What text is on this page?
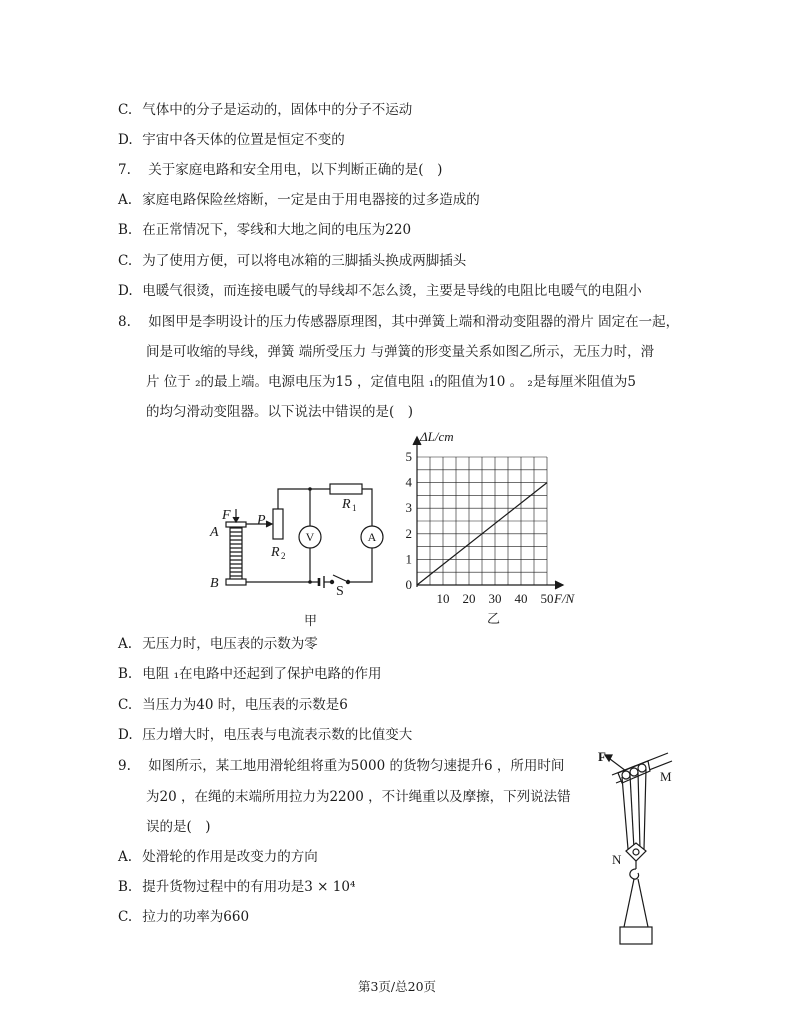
C. 气体中的分子是运动的，固体中的分子不运动
D. 宇宙中各天体的位置是恒定不变的
7. 关于家庭电路和安全用电，以下判断正确的是(　)
A. 家庭电路保险丝熔断，一定是由于用电器接的过多造成的
B. 在正常情况下，零线和大地之间的电压为220
C. 为了使用方便，可以将电冰箱的三脚插头换成两脚插头
D. 电暖气很烫，而连接电暖气的导线却不怎么烫，主要是导线的电阻比电暖气的电阻小
8. 如图甲是李明设计的压力传感器原理图，其中弹簧上端和滑动变阻器的滑片 固定在一起，
间是可收缩的导线，弹簧 端所受压力 与弹簧的形变量关系如图乙所示，无压力时，滑
片 位于 ₂的最上端。电源电压为15 ，定值电阻 ₁的阻值为10 。 ₂是每厘米阻值为5
的均匀滑动变阻器。以下说法中错误的是(　)
F
A
B
P
R
R
S
1
2
V	A
甲
10 20 30 40 50
0
1
2
3
4
5
ΔL/cm
F/N
乙
A. 无压力时，电压表的示数为零
B. 电阻 ₁在电路中还起到了保护电路的作用
C. 当压力为40 时，电压表的示数是6
D. 压力增大时，电压表与电流表示数的比值变大
9. 如图所示，某工地用滑轮组将重为5000 的货物匀速提升6 ，所用时间
为20 ，在绳的末端所用拉力为2200 ，不计绳重以及摩擦，下列说法错
误的是(　)
A. 处滑轮的作用是改变力的方向
B. 提升货物过程中的有用功是3 × 10⁴
C. 拉力的功率为660
F
M
N
第3页/总20页
